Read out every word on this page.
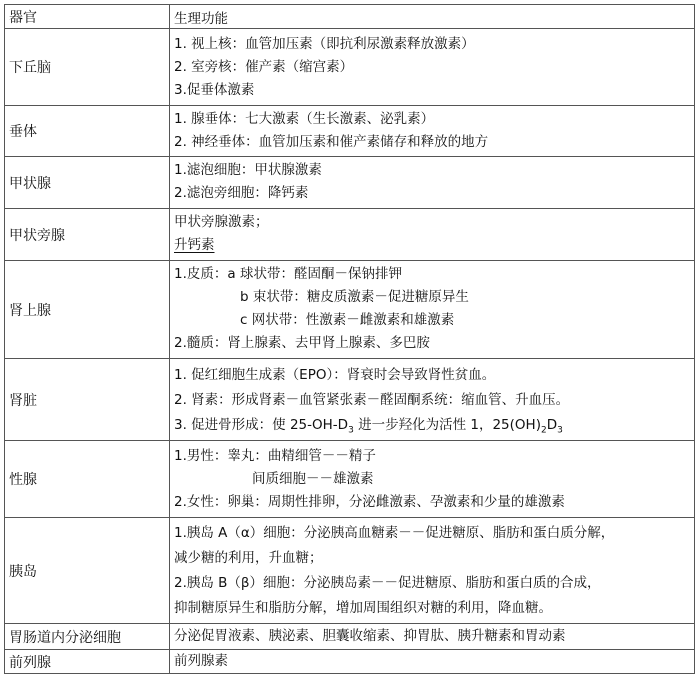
器官	生理功能
下丘脑	1. 视上核：血管加压素（即抗利尿激素释放激素）
2. 室旁核：催产素（缩宫素）
3.促垂体激素

垂体	1. 腺垂体：七大激素（生长激素、泌乳素）
2. 神经垂体：血管加压素和催产素储存和释放的地方

甲状腺	1.滤泡细胞：甲状腺激素
2.滤泡旁细胞：降钙素

甲状旁腺	甲状旁腺激素；
升钙素

肾上腺	1.皮质：a 球状带：醛固酮－保钠排钾
b 束状带：糖皮质激素－促进糖原异生
c 网状带：性激素－雌激素和雄激素
2.髓质：肾上腺素、去甲肾上腺素、多巴胺

肾脏	1. 促红细胞生成素（EPO）：肾衰时会导致肾性贫血。
2. 肾素：形成肾素－血管紧张素－醛固酮系统：缩血管、升血压。
3. 促进骨形成：使 $25-OH-D_3$ 进一步羟化为活性 1，$25(OH)_2D_3$

性腺	1.男性：睾丸：曲精细管－－精子
间质细胞－－雄激素
2.女性：卵巢：周期性排卵，分泌雌激素、孕激素和少量的雄激素

胰岛	1.胰岛 A（α）细胞：分泌胰高血糖素－－促进糖原、脂肪和蛋白质分解，
减少糖的利用，升血糖；
2.胰岛 B（β）细胞：分泌胰岛素－－促进糖原、脂肪和蛋白质的合成，
抑制糖原异生和脂肪分解，增加周围组织对糖的利用，降血糖。

胃肠道内分泌细胞	分泌促胃液素、胰泌素、胆囊收缩素、抑胃肽、胰升糖素和胃动素

前列腺	前列腺素
